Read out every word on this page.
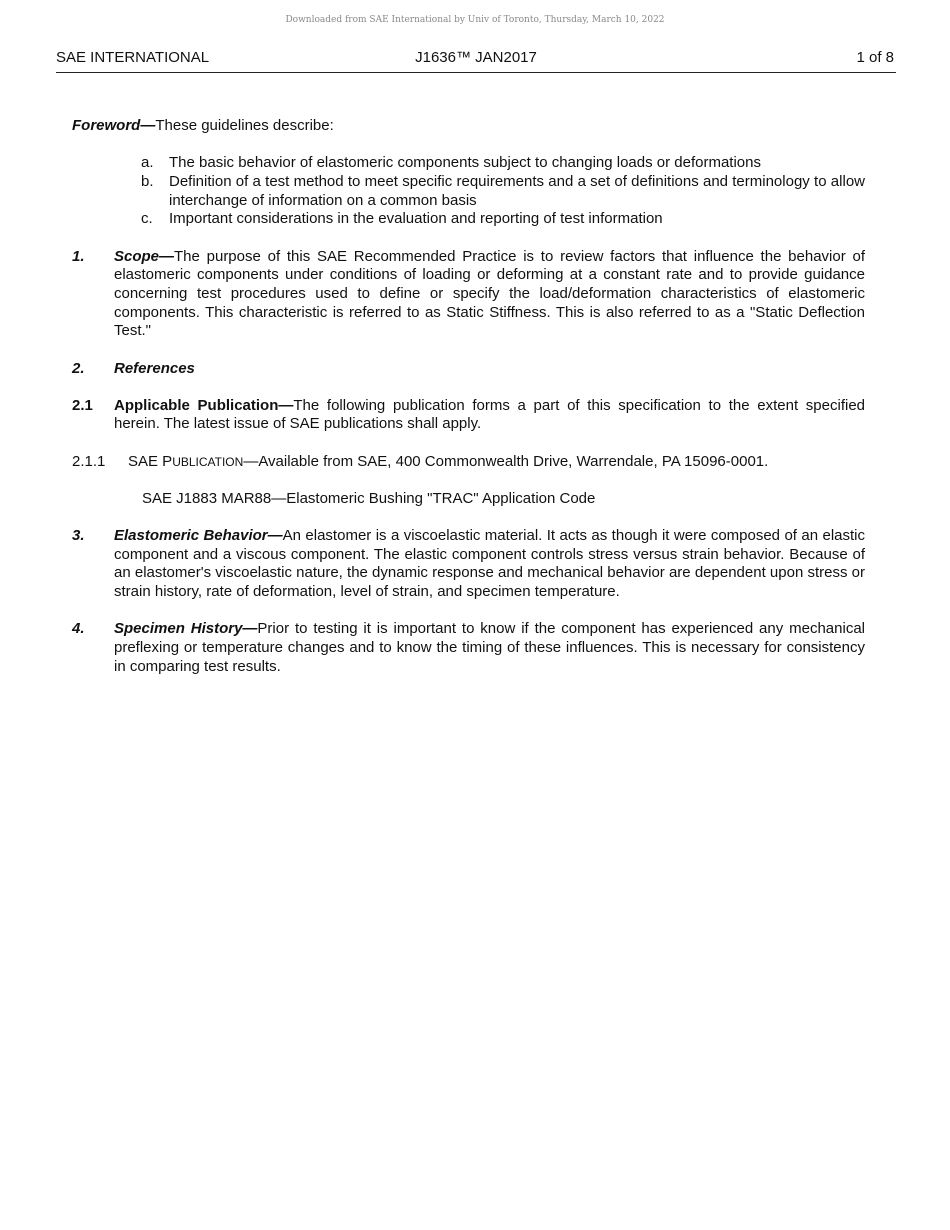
Downloaded from SAE International by Univ of Toronto, Thursday, March 10, 2022
SAE INTERNATIONAL	J1636™ JAN2017	1 of 8

Foreword—These guidelines describe:

a. The basic behavior of elastomeric components subject to changing loads or deformations
b. Definition of a test method to meet specific requirements and a set of definitions and terminology to allow interchange of information on a common basis
c. Important considerations in the evaluation and reporting of test information
1. Scope—The purpose of this SAE Recommended Practice is to review factors that influence the behavior of elastomeric components under conditions of loading or deforming at a constant rate and to provide guidance concerning test procedures used to define or specify the load/deformation characteristics of elastomeric components. This characteristic is referred to as Static Stiffness. This is also referred to as a "Static Deflection Test."
2. References
2.1 Applicable Publication—The following publication forms a part of this specification to the extent specified herein. The latest issue of SAE publications shall apply.
2.1.1 SAE PUBLICATION—Available from SAE, 400 Commonwealth Drive, Warrendale, PA 15096-0001.

SAE J1883 MAR88—Elastomeric Bushing "TRAC" Application Code

3. Elastomeric Behavior—An elastomer is a viscoelastic material. It acts as though it were composed of an elastic component and a viscous component. The elastic component controls stress versus strain behavior. Because of an elastomer's viscoelastic nature, the dynamic response and mechanical behavior are dependent upon stress or strain history, rate of deformation, level of strain, and specimen temperature.
4. Specimen History—Prior to testing it is important to know if the component has experienced any mechanical preflexing or temperature changes and to know the timing of these influences. This is necessary for consistency in comparing test results.
